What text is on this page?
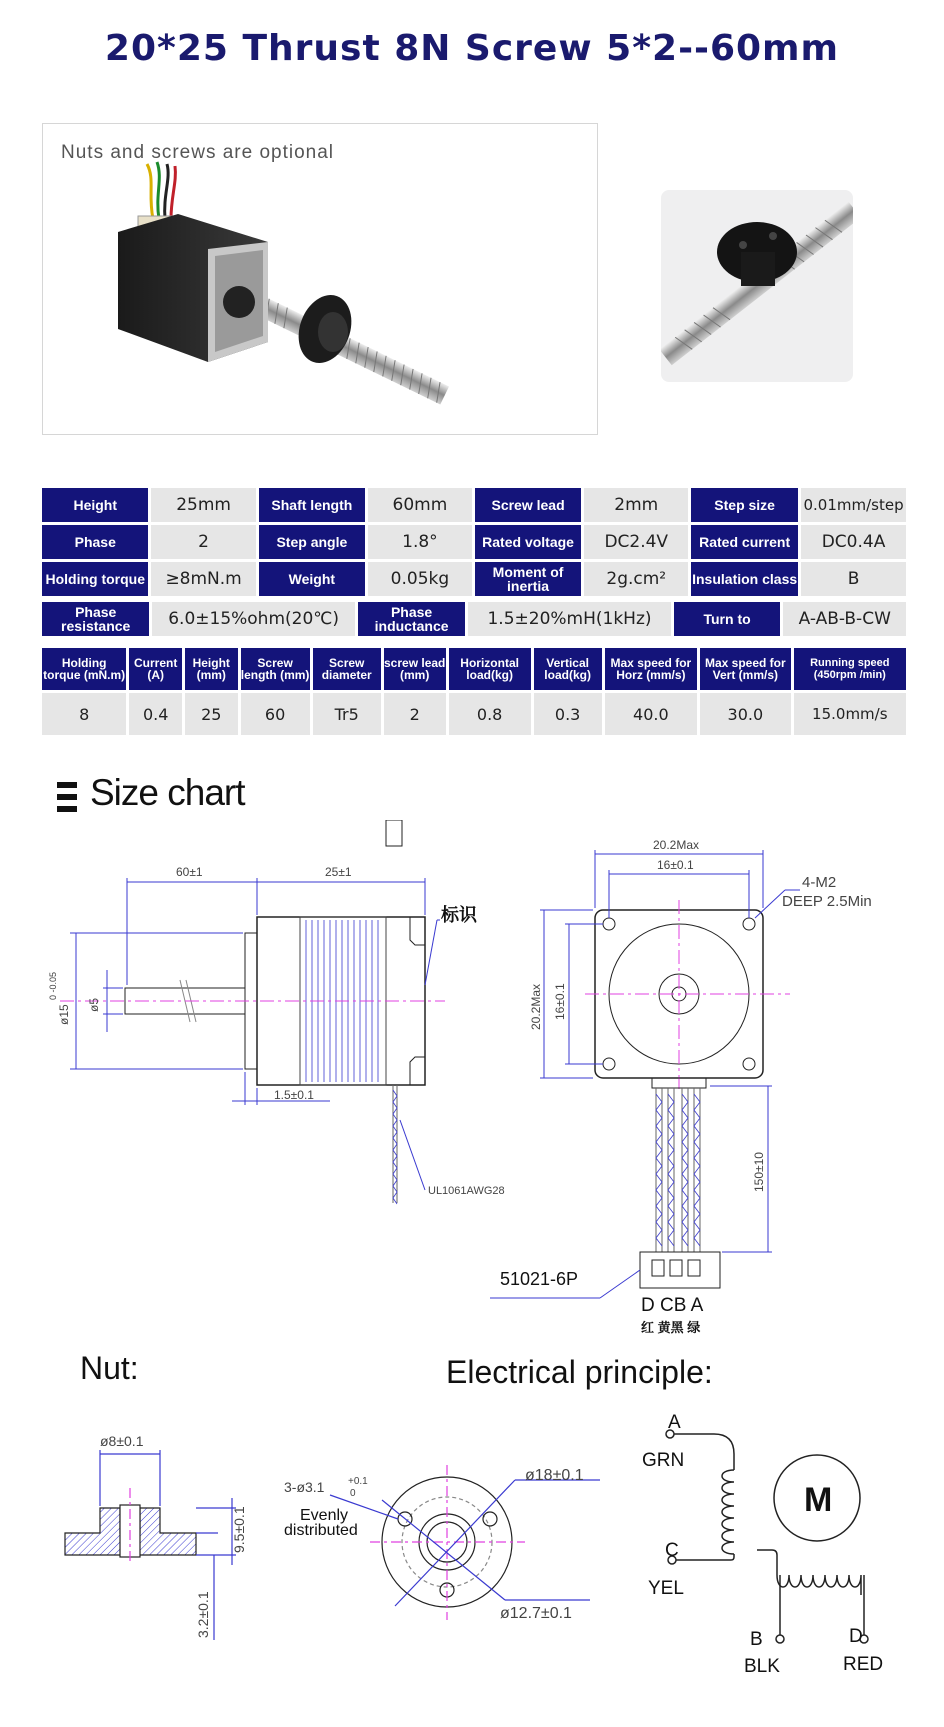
20*25 Thrust 8N Screw 5*2--60mm
Nuts and screws are optional
Height	25mm	Shaft length	60mm	Screw lead	2mm	Step size	0.01mm/step
Phase	2	Step angle	1.8°	Rated voltage	DC2.4V	Rated current	DC0.4A
Holding torque	≥8mN.m	Weight	0.05kg	Moment of inertia	2g.cm²	Insulation class	B
Phase resistance	6.0±15%ohm(20℃)	Phase inductance	1.5±20%mH(1kHz)	Turn to	A-AB-B-CW
Holding torque (mN.m)	Current (A)	Height (mm)	Screw length (mm)	Screw diameter	screw lead (mm)	Horizontal load(kg)	Vertical load(kg)	Max speed for Horz (mm/s)	Max speed for Vert (mm/s)	Running speed (450rpm /min)
8	0.4	25	60	Tr5	2	0.8	0.3	40.0	30.0	15.0mm/s
Size chart
60±1	25±1
ø15
0 -0.05
ø5
1.5±0.1
标识
UL1061AWG28
20.2Max
16±0.1
4-M2
DEEP 2.5Min
20.2Max 16±0.1
150±10
51021-6P
D CB A
红 黄黑 绿
Nut:	Electrical principle:
ø8±0.1
9.5±0.1
3.2±0.1
3-ø3.1 +0.1
0
Evenly
distributed
ø18±0.1
ø12.7±0.1
A
GRN
C
YEL
M
B
BLK
D
RED
